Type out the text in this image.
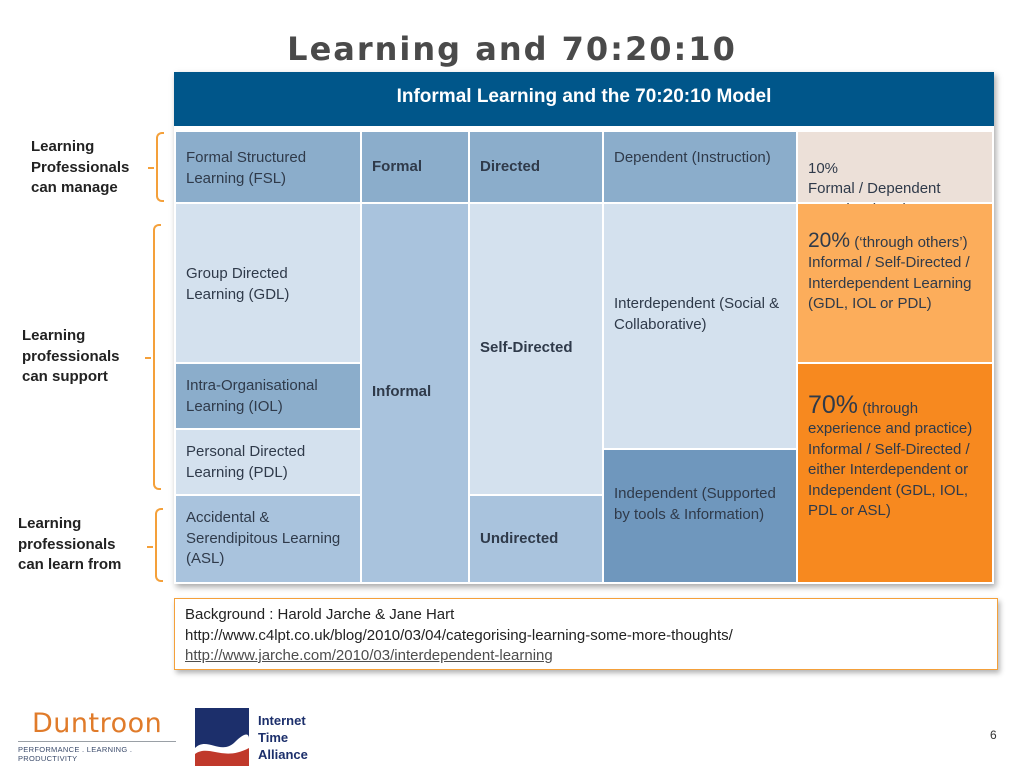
Learning and 70:20:10
Informal Learning and the 70:20:10 Model
Formal Structured Learning (FSL)
Formal	Directed
Dependent (Instruction)

10%
Formal / Dependent

Group Directed Learning (GDL)
Intra-Organisational Learning (IOL)
Personal Directed Learning (PDL)
Accidental & Serendipitous Learning (ASL)
Informal
Self-Directed
Undirected
Interdependent (Social & Collaborative)
Independent (Supported by tools & Information)

20% (‘through others’)
Informal / Self-Directed / Interdependent Learning (GDL, IOL or PDL)

70% (through experience and practice)
Informal / Self-Directed / either Interdependent or Independent (GDL, IOL, PDL or ASL)

Learning Professionals can manage
Learning professionals can support
Learning professionals can learn from
Background : Harold Jarche & Jane Hart
http://www.c4lpt.co.uk/blog/2010/03/04/categorising-learning-some-more-thoughts/
http://www.jarche.com/2010/03/interdependent-learning
Duntroon
PERFORMANCE . LEARNING . PRODUCTIVITY
Internet
Time
Alliance
6
